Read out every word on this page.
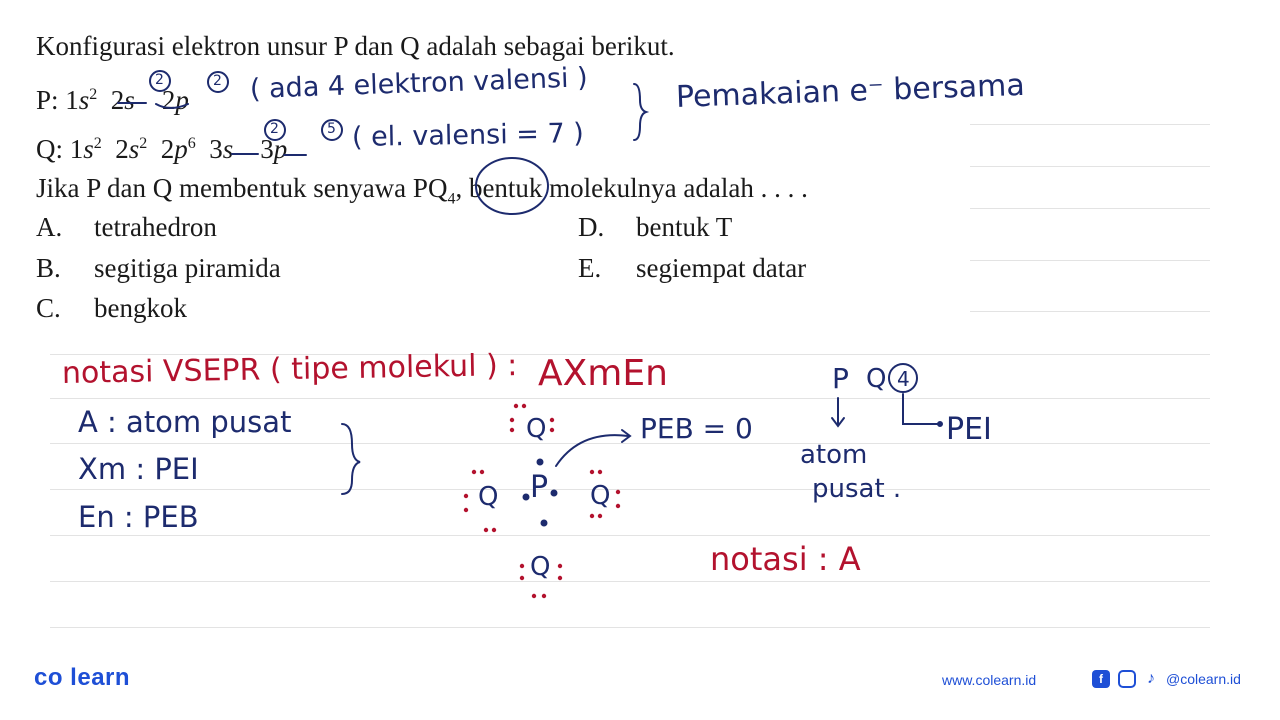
Konfigurasi elektron unsur P dan Q adalah sebagai berikut.
P: $1s^2$  2s    2p
Q: $1s^2$  $2s^2$  $2p^6$  3s    3p
Jika P dan Q membentuk senyawa $PQ_4$, bentuk molekulnya adalah . . . .
A. tetrahedron
B. segitiga piramida
C. bengkok
D. bentuk T
E. segiempat datar
( ada 4 elektron valensi )
( el. valensi = 7 )
Pemakaian e⁻ bersama
2	2
2	5
notasi VSEPR ( tipe molekul ) : AXmEn
A : atom pusat
Xm : PEI
En : PEB
PEB = 0
P
Q
Q	Q
Q
P Q 4
atom
pusat .
PEI
notasi : A
co learn	www.colearn.id	f	♪ @colearn.id
